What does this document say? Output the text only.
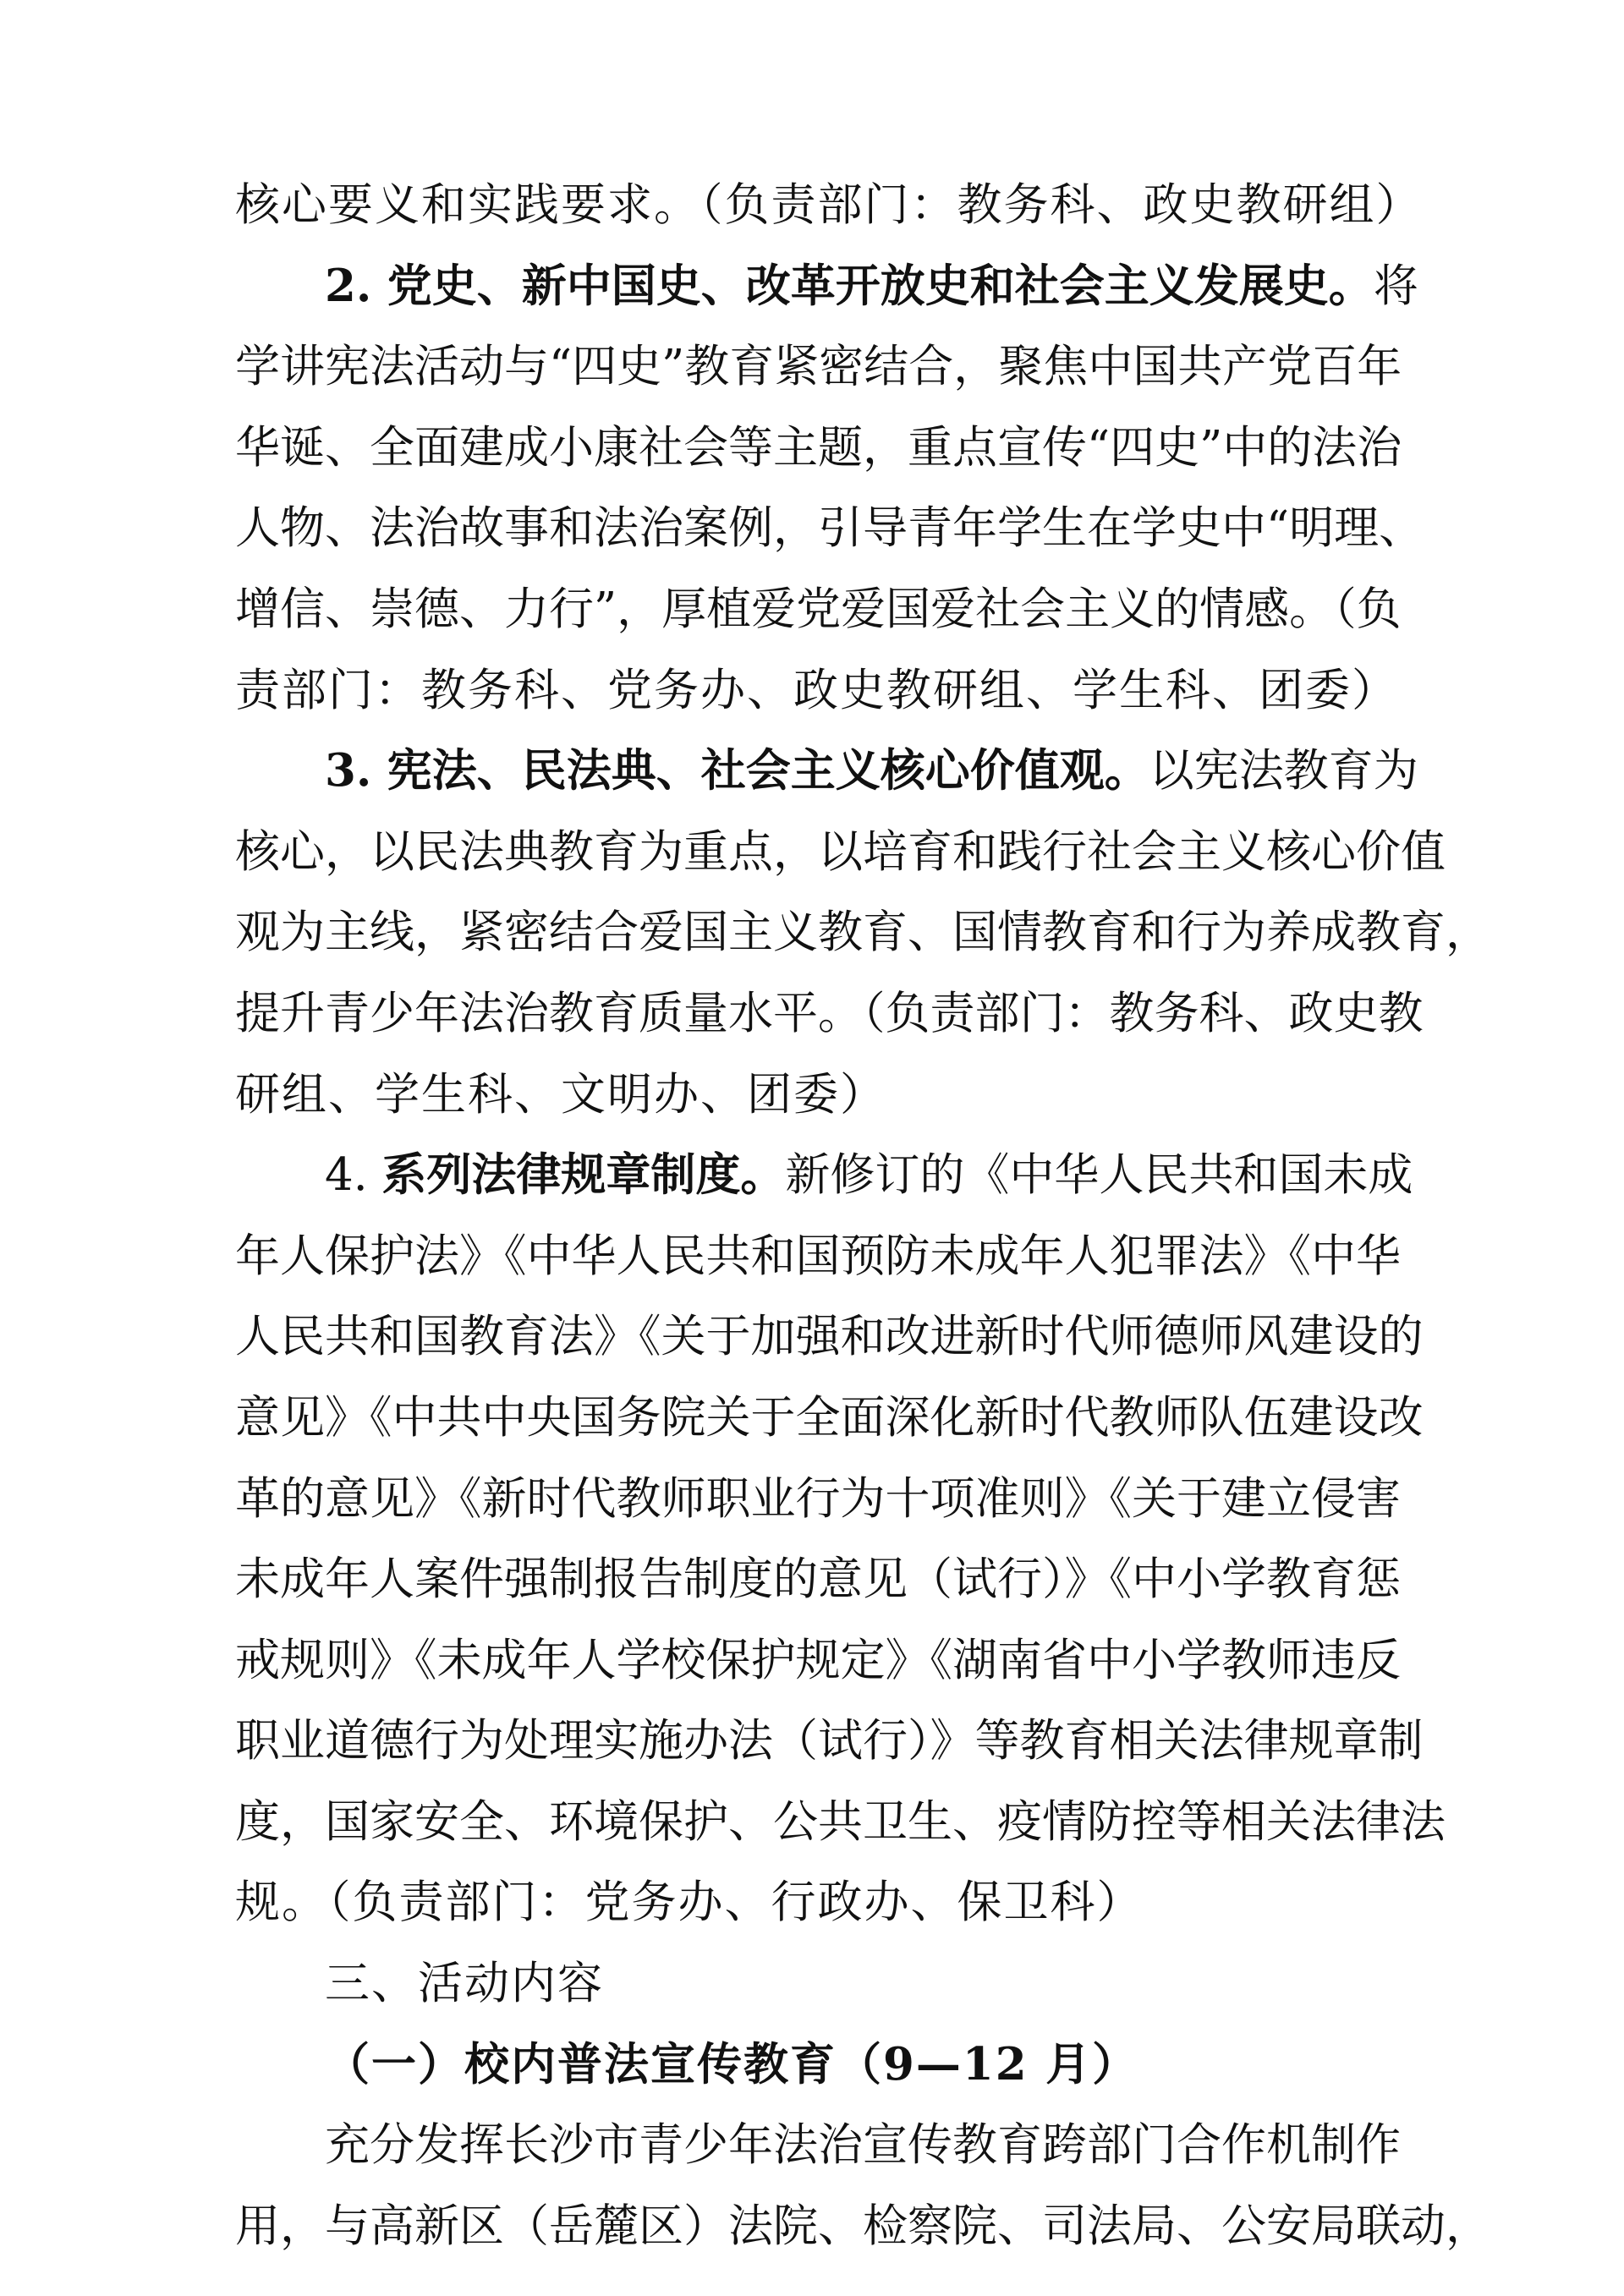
核心要义和实践要求。（负责部门：教务科、政史教研组）
2. 党史、新中国史、改革开放史和社会主义发展史。将
学讲宪法活动与“四史”教育紧密结合，聚焦中国共产党百年
华诞、全面建成小康社会等主题，重点宣传“四史”中的法治
人物、法治故事和法治案例，引导青年学生在学史中“明理、
增信、崇德、力行”，厚植爱党爱国爱社会主义的情感。（负
责部门：教务科、党务办、政史教研组、学生科、团委）
3. 宪法、民法典、社会主义核心价值观。以宪法教育为
核心，以民法典教育为重点，以培育和践行社会主义核心价值
观为主线，紧密结合爱国主义教育、国情教育和行为养成教育，
提升青少年法治教育质量水平。（负责部门：教务科、政史教
研组、学生科、文明办、团委）
4. 系列法律规章制度。新修订的《中华人民共和国未成
年人保护法》《中华人民共和国预防未成年人犯罪法》《中华
人民共和国教育法》《关于加强和改进新时代师德师风建设的
意见》《中共中央国务院关于全面深化新时代教师队伍建设改
革的意见》《新时代教师职业行为十项准则》《关于建立侵害
未成年人案件强制报告制度的意见（试行）》《中小学教育惩
戒规则》《未成年人学校保护规定》《湖南省中小学教师违反
职业道德行为处理实施办法（试行）》等教育相关法律规章制
度，国家安全、环境保护、公共卫生、疫情防控等相关法律法
规。（负责部门：党务办、行政办、保卫科）
三、活动内容
（一）校内普法宣传教育（9—12 月）
充分发挥长沙市青少年法治宣传教育跨部门合作机制作
用，与高新区（岳麓区）法院、检察院、司法局、公安局联动，
